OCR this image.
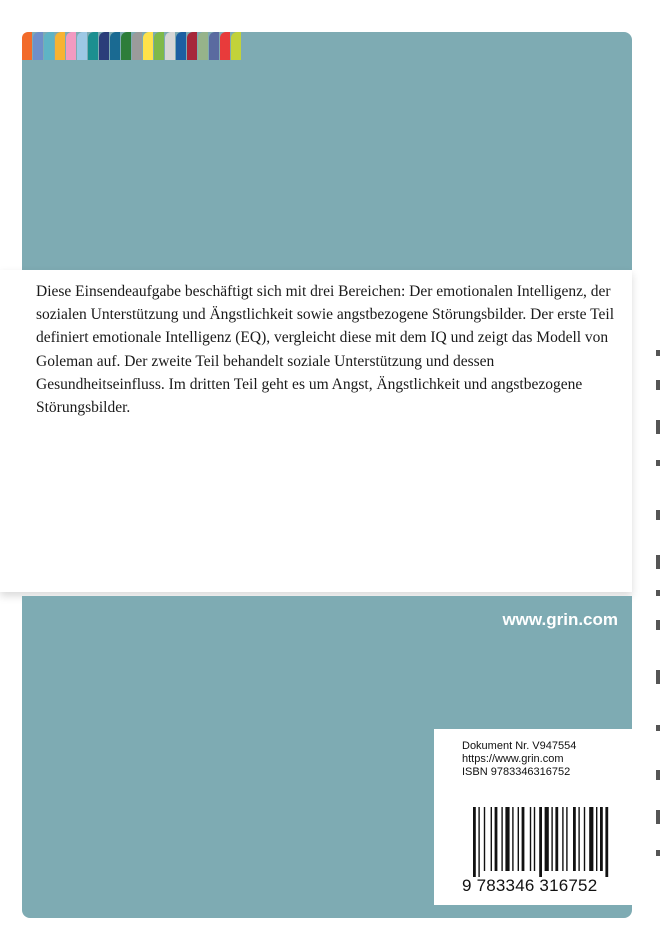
Diese Einsendeaufgabe beschäftigt sich mit drei Bereichen: Der emotionalen Intelligenz, der sozialen Unterstützung und Ängstlichkeit sowie angstbezogene Störungsbilder. Der erste Teil definiert emotionale Intelligenz (EQ), vergleicht diese mit dem IQ und zeigt das Modell von Goleman auf. Der zweite Teil behandelt soziale Unterstützung und dessen Gesundheitseinfluss. Im dritten Teil geht es um Angst, Ängstlichkeit und angstbezogene Störungsbilder.

www.grin.com
Dokument Nr. V947554
https://www.grin.com
ISBN 9783346316752
9 783346 316752
